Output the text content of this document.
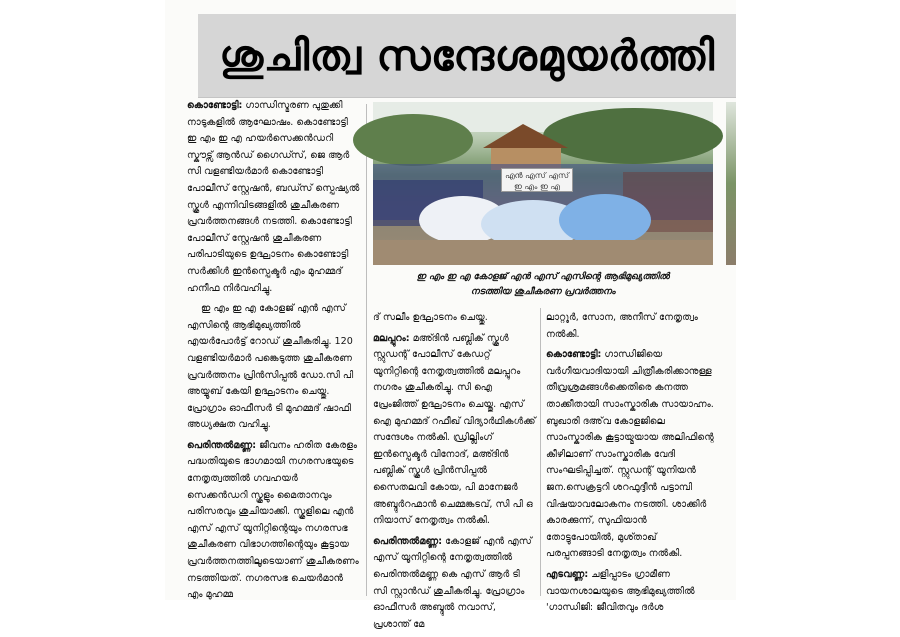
ശുചിത്വ സന്ദേശമുയർത്തി

കൊണ്ടോട്ടി: ഗാന്ധിസ്മരണ പുതുക്കി നാടുകളിൽ ആഘോഷം. കൊണ്ടോട്ടി ഇ എം ഇ എ ഹയർസെക്കൻഡറി സ്കൗട്സ് ആൻഡ് ഗൈഡ്സ്, ജെ ആർ സി വളണ്ടിയർമാർ കൊണ്ടോട്ടി പോലീസ് സ്റ്റേഷൻ, ബഡ്സ് സ്പെഷ്യൽ സ്കൂൾ എന്നിവിടങ്ങളിൽ ശുചീകരണ പ്രവർത്തനങ്ങൾ നടത്തി. കൊണ്ടോട്ടി പോലീസ് സ്റ്റേഷൻ ശുചീകരണ പരിപാടിയുടെ ഉദ്ഘാടനം കൊണ്ടോട്ടി സർക്കിൾ ഇൻസ്പെക്ടർ എം മുഹമ്മദ് ഹനീഫ നിർവഹിച്ചു.

ഇ എം ഇ എ കോളജ് എൻ എസ് എസിന്റെ ആഭിമുഖ്യത്തിൽ എയർപോർട്ട് റോഡ് ശുചീകരിച്ചു. 120 വളണ്ടിയർമാർ പങ്കെടുത്ത ശുചീകരണ പ്രവർത്തനം പ്രിൻസിപ്പൽ ഡോ.സി പി അയ്യൂബ് കേയി ഉദ്ഘാടനം ചെയ്തു. പ്രോഗ്രാം ഓഫീസർ ടി മുഹമ്മദ് ഷാഫി അധ്യക്ഷത വഹിച്ചു.

പെരിന്തൽമണ്ണ: ജീവനം ഹരിത കേരളം പദ്ധതിയുടെ ഭാഗമായി നഗരസഭയുടെ നേതൃത്വത്തിൽ ഗവഹയർ സെക്കൻഡറി സ്കൂളും മൈതാനവും പരിസരവും ശുചിയാക്കി. സ്കൂളിലെ എൻ എസ് എസ് യൂനിറ്റിന്റെയും നഗരസഭ ശുചീകരണ വിഭാഗത്തിന്റെയും കൂട്ടായ പ്രവർത്തനത്തിലൂടെയാണ് ശുചീകരണം നടത്തിയത്. നഗരസഭ ചെയർമാൻ എം മുഹമ്മ

എൻ എസ് എസ്
ഇ എം ഇ എ
ഇ എം ഇ എ കോളജ് എൻ എസ് എസിന്റെ ആഭിമുഖ്യത്തിൽ
നടത്തിയ ശുചീകരണ പ്രവർത്തനം

ദ് സലീം ഉദ്ഘാടനം ചെയ്തു.

മലപ്പുറം: മഅ്ദിൻ പബ്ലിക് സ്കൂൾ സ്റ്റുഡന്റ് പോലീസ് കേഡറ്റ് യൂനിറ്റിന്റെ നേതൃത്വത്തിൽ മലപ്പുറം നഗരം ശുചീകരിച്ചു. സി ഐ പ്രേംജിത്ത് ഉദ്ഘാടനം ചെയ്തു. എസ് ഐ മുഹമ്മദ് റഫീഖ് വിദ്യാർഥികൾക്ക് സന്ദേശം നൽകി. ഡ്രില്ലിംഗ് ഇൻസ്പെക്ടർ വിനോദ്, മഅ്ദിൻ പബ്ലിക് സ്കൂൾ പ്രിൻസിപ്പൽ സൈതലവി കോയ, പി മാനേജർ അബ്ദുർറഹ്മാൻ ചെമ്മങ്കടവ്, സി പി ഒ നിയാസ് നേതൃത്വം നൽകി.

പെരിന്തൽമണ്ണ: കോളജ് എൻ എസ് എസ് യൂനിറ്റിന്റെ നേതൃത്വത്തിൽ പെരിന്തൽമണ്ണ കെ എസ് ആർ ടി സി സ്റ്റാൻഡ് ശുചീകരിച്ചു. പ്രോഗ്രാം ഓഫീസർ അബ്ദുൽ നവാസ്, പ്രശാന്ത് മേ

ലാറ്റൂർ, സോന, അനീസ് നേതൃത്വം നൽകി.

കൊണ്ടോട്ടി: ഗാന്ധിജിയെ വർഗീയവാദിയായി ചിത്രീകരിക്കാനുള്ള തീവ്രശ്രമങ്ങൾക്കെതിരെ കനത്ത താക്കീതായി സാംസ്കാരിക സായാഹ്നം. ബുഖാരി ദഅ്‌വ കോളജിലെ സാംസ്കാരിക കൂട്ടായ്മയായ അലിഫിന്റെ കീഴിലാണ് സാംസ്കാരിക വേദി സംഘടിപ്പിച്ചത്. സ്റ്റുഡന്റ് യൂനിയൻ ജന.സെക്രട്ടറി ശറഫുദ്ദീൻ പട്ടാമ്പി വിഷയാവലോകനം നടത്തി. ശാക്കിർ കാരക്കുന്ന്, സുഫിയാൻ തോട്ടുപോയിൽ, മുശ്താഖ് പരപ്പനങ്ങാടി നേതൃത്വം നൽകി.

എടവണ്ണ: ചളിപ്പാടം ഗ്രാമീണ വായനശാലയുടെ ആഭിമുഖ്യത്തിൽ 'ഗാന്ധിജി: ജീവിതവും ദർശ
